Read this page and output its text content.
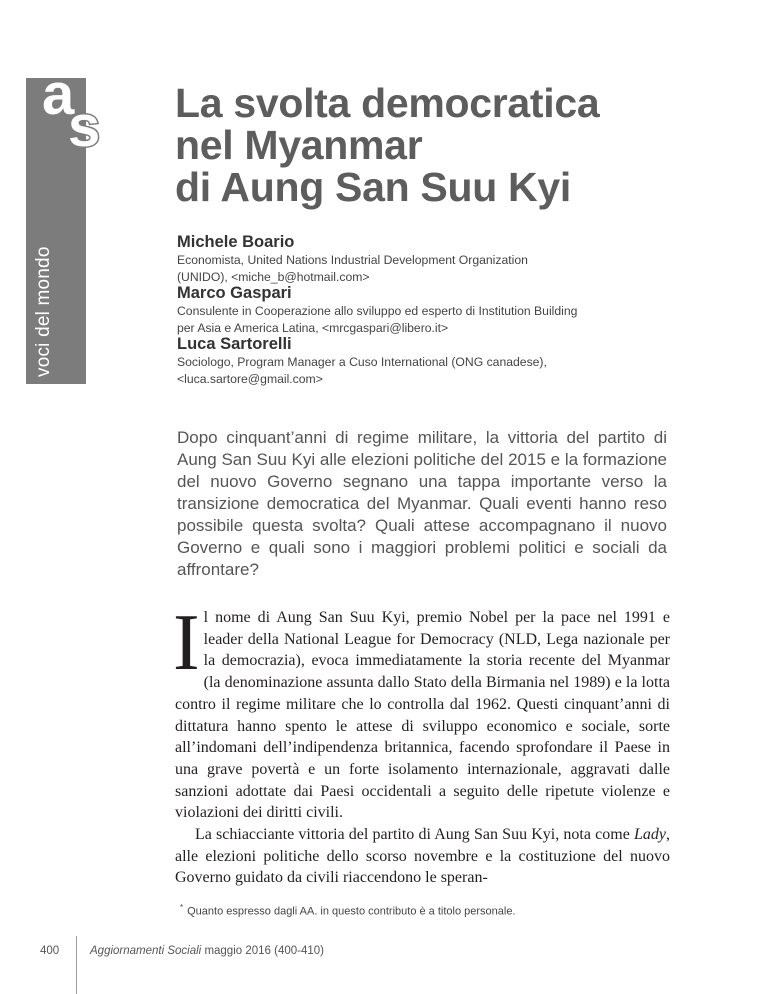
a
s
voci del mondo
La svolta democratica
nel Myanmar
di Aung San Suu Kyi
Michele Boario
Economista, United Nations Industrial Development Organization
(UNIDO), <miche_b@hotmail.com>
Marco Gaspari
Consulente in Cooperazione allo sviluppo ed esperto di Institution Building
per Asia e America Latina, <mrcgaspari@libero.it>
Luca Sartorelli
Sociologo, Program Manager a Cuso International (ONG canadese),
<luca.sartore@gmail.com>
Dopo cinquant’anni di regime militare, la vittoria del partito di Aung San Suu Kyi alle elezioni politiche del 2015 e la formazione del nuovo Governo segnano una tappa importante verso la transizione democratica del Myanmar. Quali eventi hanno reso possibile questa svolta? Quali attese accompagnano il nuovo Governo e quali sono i maggiori problemi politici e sociali da affrontare?

Il nome di Aung San Suu Kyi, premio Nobel per la pace nel 1991 e leader della National League for Democracy (NLD, Lega nazionale per la democrazia), evoca immediatamente la storia recente del Myanmar (la denominazione assunta dallo Stato della Birmania nel 1989) e la lotta contro il regime militare che lo controlla dal 1962. Questi cinquant’anni di dittatura hanno spento le attese di sviluppo economico e sociale, sorte all’indomani dell’indipendenza britannica, facendo sprofondare il Paese in una grave povertà e un forte isolamento internazionale, aggravati dalle sanzioni adottate dai Paesi occidentali a seguito delle ripetute violenze e violazioni dei diritti civili.

La schiacciante vittoria del partito di Aung San Suu Kyi, nota come Lady, alle elezioni politiche dello scorso novembre e la costituzione del nuovo Governo guidato da civili riaccendono le speran-

* Quanto espresso dagli AA. in questo contributo è a titolo personale.
400	Aggiornamenti Sociali maggio 2016 (400-410)
